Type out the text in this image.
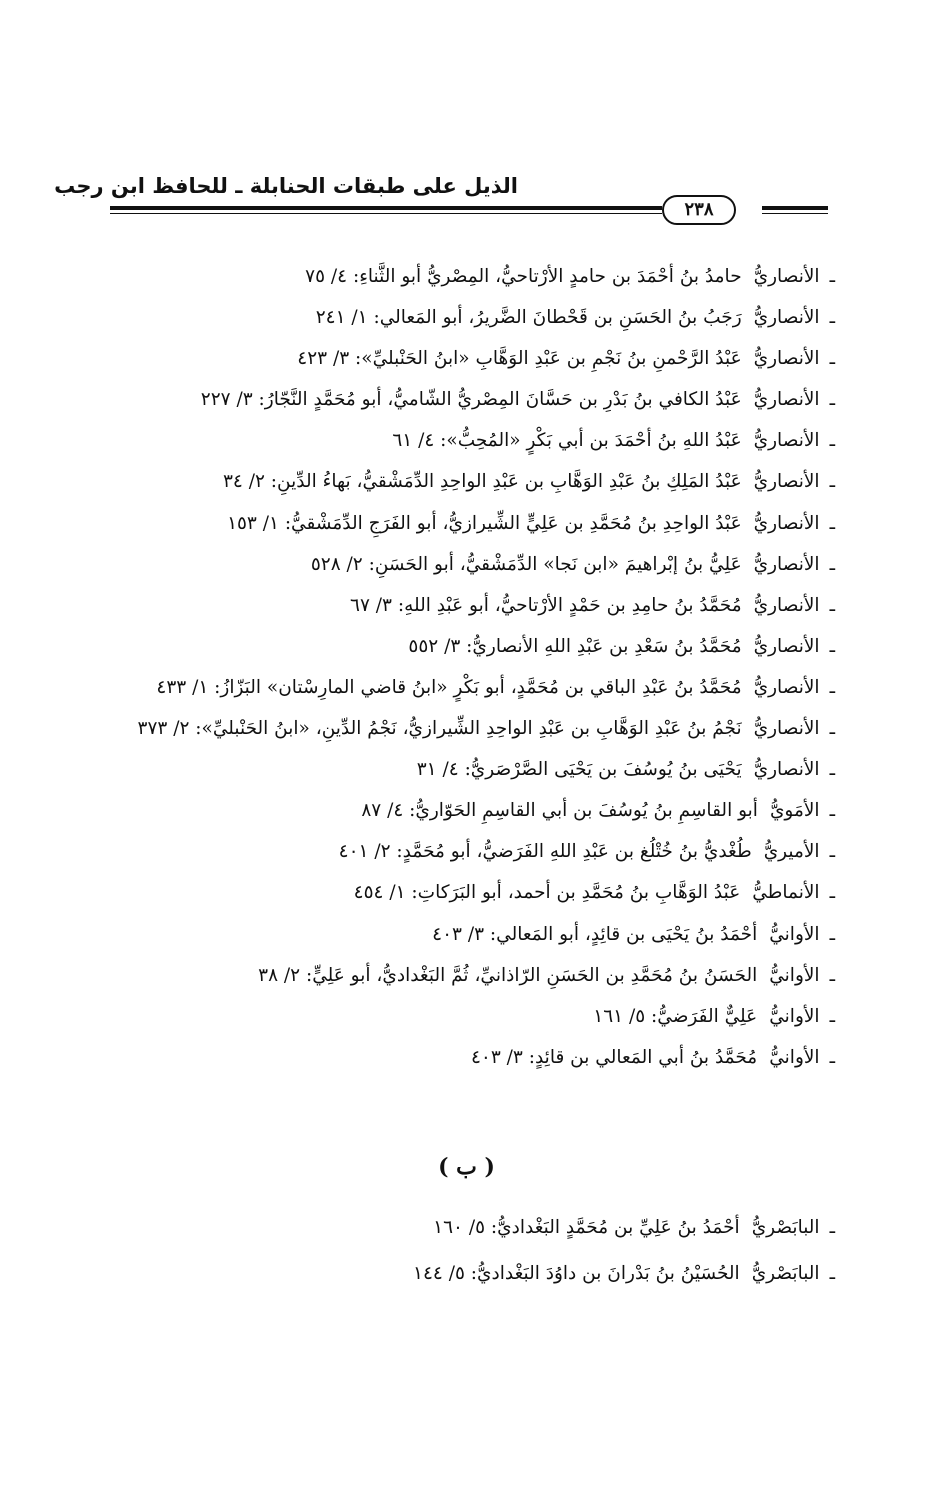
الذيل على طبقات الحنابلة ـ للحافظ ابن رجب
٢٣٨
ـالأنصاريُّحامدُ بنُ أحْمَدَ بن حامدٍ الأرْتاحيُّ، المِصْريُّ أبو الثَّناءِ: ٤/ ٧٥
ـالأنصاريُّرَجَبُ بنُ الحَسَنِ بن قَحْطانَ الضَّريرُ، أبو المَعالي: ١/ ٢٤١
ـالأنصاريُّعَبْدُ الرَّحْمنِ بنُ نَجْمِ بن عَبْدِ الوَهَّابِ «ابنُ الحَنْبليِّ»: ٣/ ٤٢٣
ـالأنصاريُّعَبْدُ الكافي بنُ بَدْرِ بن حَسَّانَ المِصْريُّ الشّاميُّ، أبو مُحَمَّدٍ النَّجّارُ: ٣/ ٢٢٧
ـالأنصاريُّعَبْدُ اللهِ بنُ أحْمَدَ بن أبي بَكْرٍ «المُحِبُّ»: ٤/ ٦١
ـالأنصاريُّعَبْدُ المَلِكِ بنُ عَبْدِ الوَهَّابِ بن عَبْدِ الواحِدِ الدِّمَشْقيُّ، بَهاءُ الدِّينِ: ٢/ ٣٤
ـالأنصاريُّعَبْدُ الواحِدِ بنُ مُحَمَّدِ بن عَلِيٍّ الشِّيرازيُّ، أبو الفَرَجِ الدِّمَشْقيُّ: ١/ ١٥٣
ـالأنصاريُّعَلِيُّ بنُ إبْراهيمَ «ابن نَجا» الدِّمَشْقيُّ، أبو الحَسَنِ: ٢/ ٥٢٨
ـالأنصاريُّمُحَمَّدُ بنُ حامِدِ بن حَمْدٍ الأرْتاحيُّ، أبو عَبْدِ اللهِ: ٣/ ٦٧
ـالأنصاريُّمُحَمَّدُ بنُ سَعْدِ بن عَبْدِ اللهِ الأنصاريُّ: ٣/ ٥٥٢
ـالأنصاريُّمُحَمَّدُ بنُ عَبْدِ الباقي بن مُحَمَّدٍ، أبو بَكْرٍ «ابنُ قاضي المارِسْتان» البَزّازُ: ١/ ٤٣٣
ـالأنصاريُّنَجْمُ بنُ عَبْدِ الوَهَّابِ بن عَبْدِ الواحِدِ الشِّيرازيُّ، نَجْمُ الدِّينِ، «ابنُ الحَنْبليِّ»: ٢/ ٣٧٣
ـالأنصاريُّيَحْيَى بنُ يُوسُفَ بن يَحْيَى الصَّرْصَريُّ: ٤/ ٣١
ـالأمَويُّأبو القاسِمِ بنُ يُوسُفَ بن أبي القاسِمِ الحَوّاريُّ: ٤/ ٨٧
ـالأميريُّطُغْديُّ بنُ خُتْلُغ بن عَبْدِ اللهِ الفَرَضيُّ، أبو مُحَمَّدٍ: ٢/ ٤٠١
ـالأنماطيُّعَبْدُ الوَهَّابِ بنُ مُحَمَّدِ بن أحمد، أبو البَرَكاتِ: ١/ ٤٥٤
ـالأوانيُّأحْمَدُ بنُ يَحْيَى بن قائِدٍ، أبو المَعالي: ٣/ ٤٠٣
ـالأوانيُّالحَسَنُ بنُ مُحَمَّدِ بن الحَسَنِ الرّاذانيِّ، ثُمَّ البَغْداديُّ، أبو عَلِيٍّ: ٢/ ٣٨
ـالأوانيُّعَلِيٌّ الفَرَضيُّ: ٥/ ١٦١
ـالأوانيُّمُحَمَّدُ بنُ أبي المَعالي بن قائِدٍ: ٣/ ٤٠٣
( ب )
ـالبابَصْريُّأحْمَدُ بنُ عَلِيِّ بن مُحَمَّدٍ البَغْداديُّ: ٥/ ١٦٠
ـالبابَصْريُّالحُسَيْنُ بنُ بَدْرانَ بن داوُدَ البَغْداديُّ: ٥/ ١٤٤
